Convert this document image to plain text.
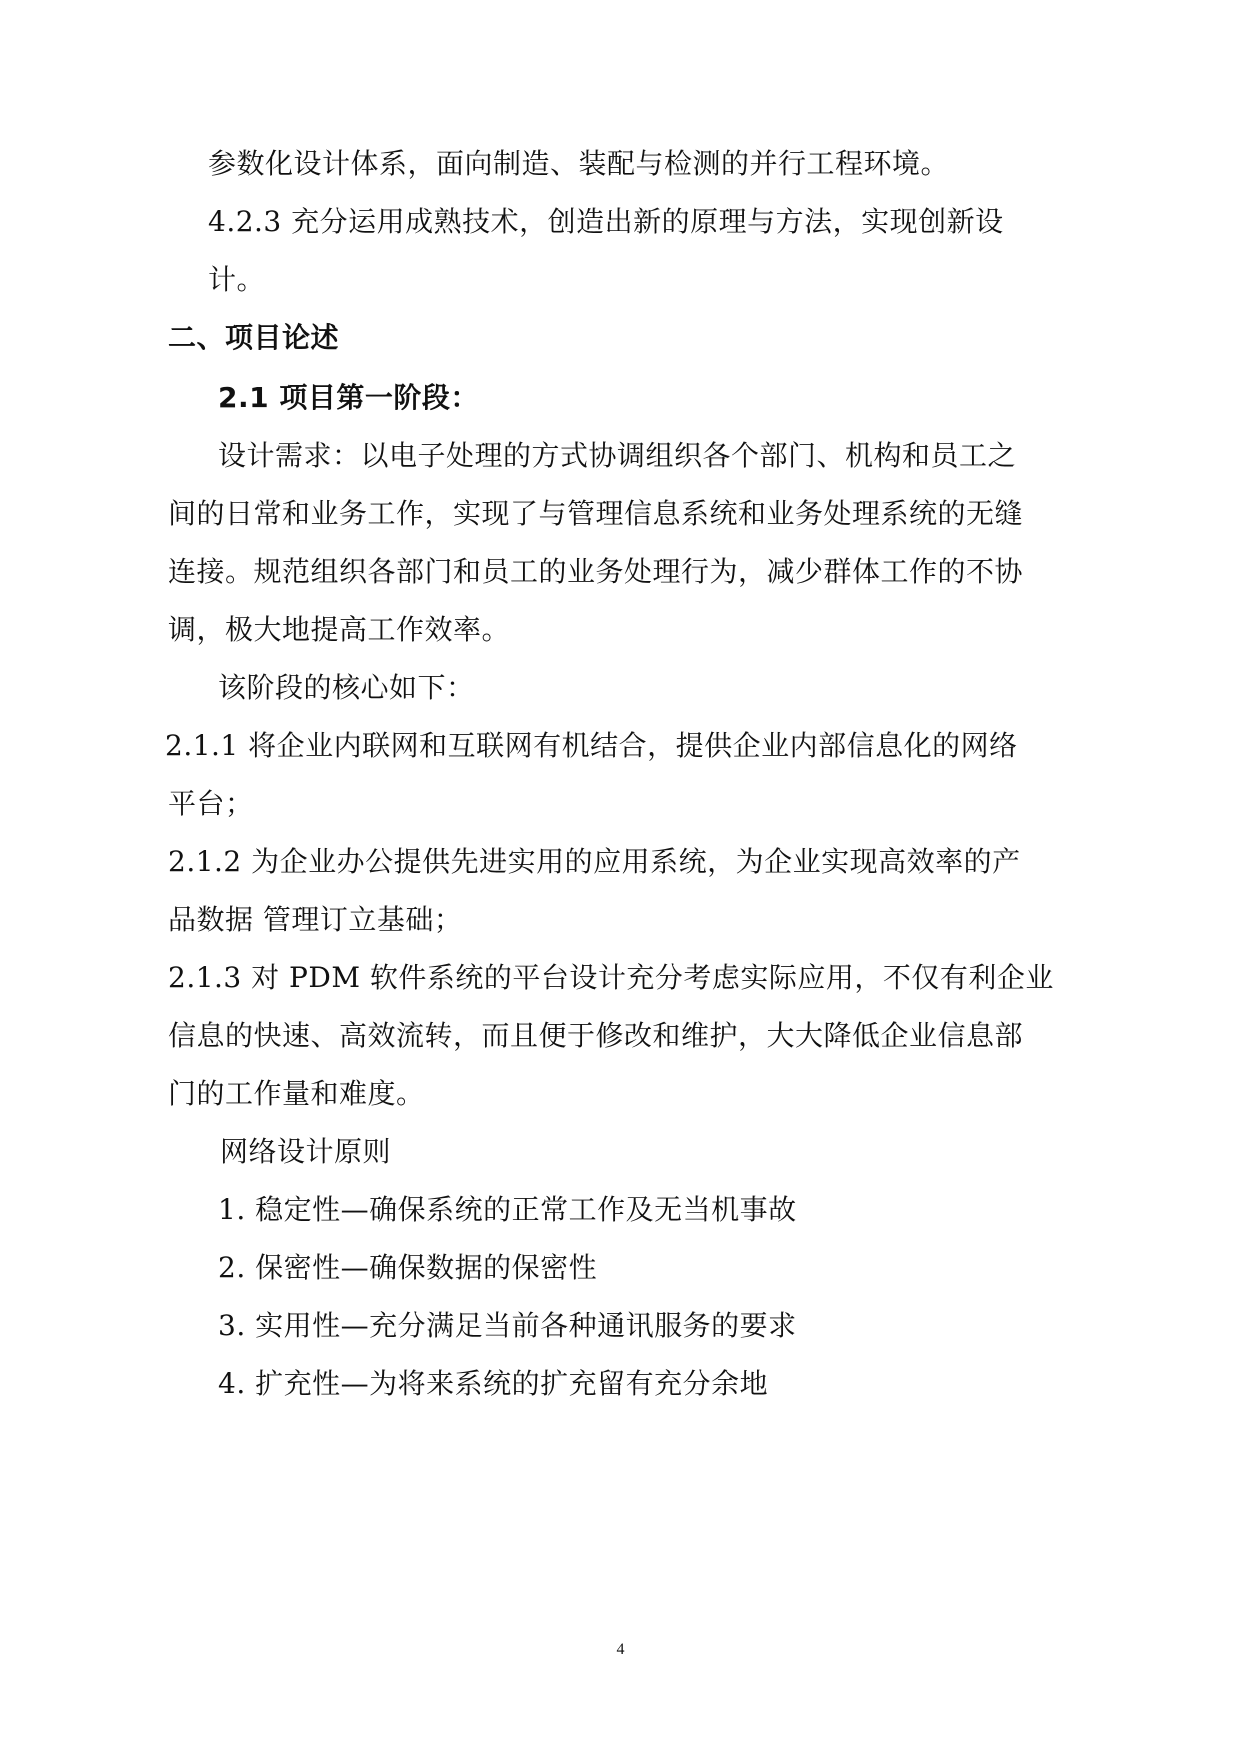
参数化设计体系，面向制造、装配与检测的并行工程环境。
4.2.3 充分运用成熟技术，创造出新的原理与方法，实现创新设
计。
二、项目论述
2.1 项目第一阶段：
设计需求：以电子处理的方式协调组织各个部门、机构和员工之
间的日常和业务工作，实现了与管理信息系统和业务处理系统的无缝
连接。规范组织各部门和员工的业务处理行为，减少群体工作的不协
调，极大地提高工作效率。
该阶段的核心如下：
2.1.1 将企业内联网和互联网有机结合，提供企业内部信息化的网络
平台；
2.1.2 为企业办公提供先进实用的应用系统，为企业实现高效率的产
品数据 管理订立基础；
2.1.3 对 PDM 软件系统的平台设计充分考虑实际应用，不仅有利企业
信息的快速、高效流转，而且便于修改和维护，大大降低企业信息部
门的工作量和难度。
网络设计原则
1. 稳定性—确保系统的正常工作及无当机事故
2. 保密性—确保数据的保密性
3. 实用性—充分满足当前各种通讯服务的要求
4. 扩充性—为将来系统的扩充留有充分余地
4
